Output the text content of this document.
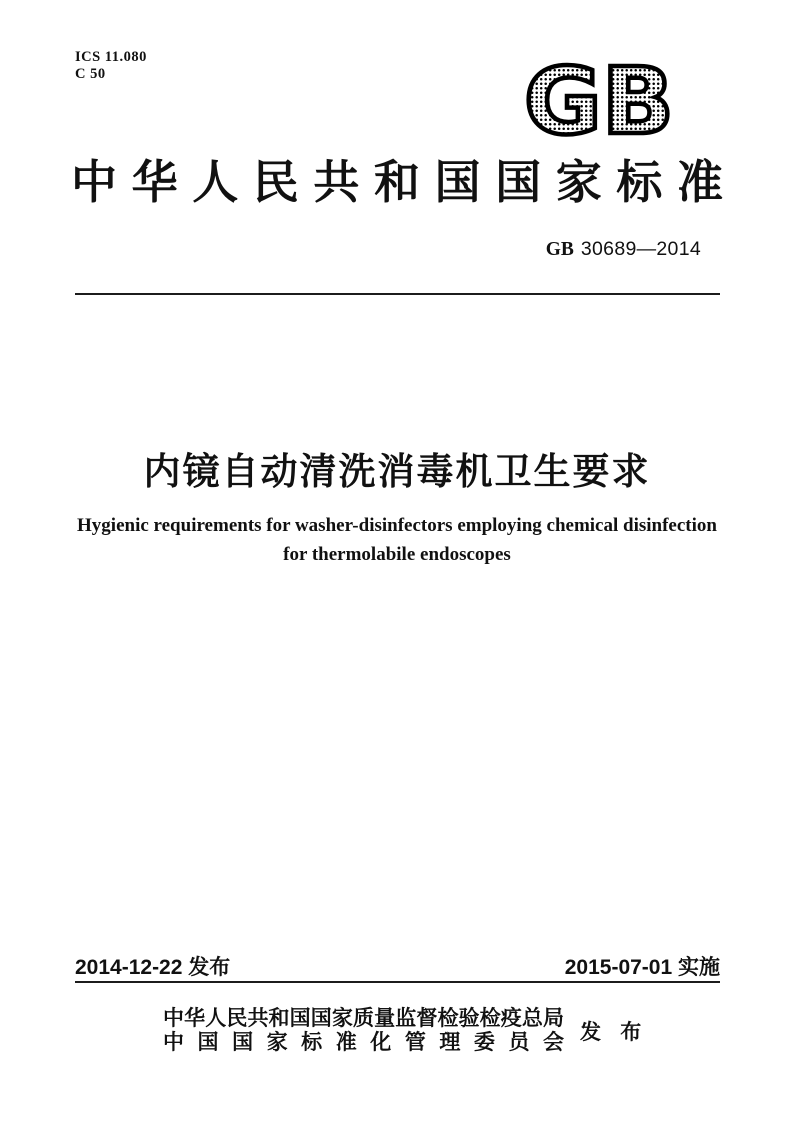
ICS 11.080
C 50	GB
中华人民共和国国家标准
GB 30689—2014
内镜自动清洗消毒机卫生要求
Hygienic requirements for washer-disinfectors employing chemical disinfection
for thermolabile endoscopes
2014-12-22 发布	2015-07-01 实施
中华人民共和国国家质量监督检验检疫总局
中国国家标准化管理委员会 发 布
